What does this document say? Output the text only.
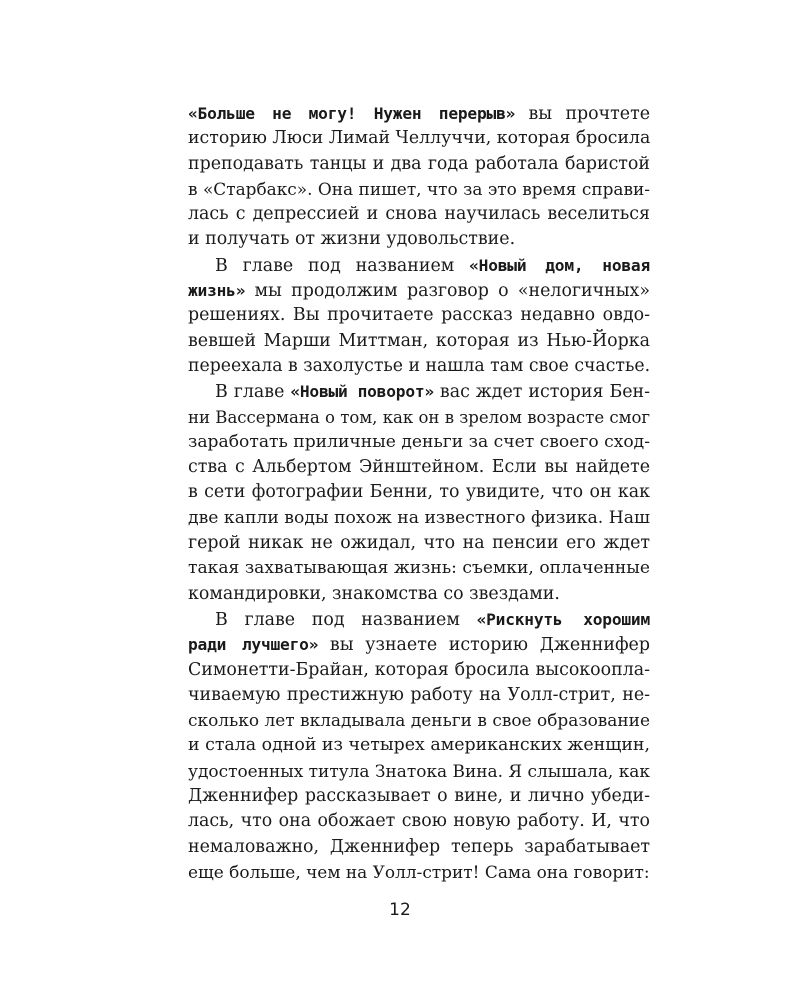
«Больше не могу! Нужен перерыв» вы прочтете
историю Люси Лимай Челлуччи, которая бросила
преподавать танцы и два года работала баристой
в «Старбакс». Она пишет, что за это время справи-
лась с депрессией и снова научилась веселиться
и получать от жизни удовольствие.
В главе под названием «Новый дом, новая
жизнь» мы продолжим разговор о «нелогичных»
решениях. Вы прочитаете рассказ недавно овдо-
вевшей Марши Миттман, которая из Нью-Йорка
переехала в захолустье и нашла там свое счастье.
В главе «Новый поворот» вас ждет история Бен-
ни Вассермана о том, как он в зрелом возрасте смог
заработать приличные деньги за счет своего сход-
ства с Альбертом Эйнштейном. Если вы найдете
в сети фотографии Бенни, то увидите, что он как
две капли воды похож на известного физика. Наш
герой никак не ожидал, что на пенсии его ждет
такая захватывающая жизнь: съемки, оплаченные
командировки, знакомства со звездами.
В главе под названием «Рискнуть хорошим
ради лучшего» вы узнаете историю Дженнифер
Симонетти-Брайан, которая бросила высокоопла-
чиваемую престижную работу на Уолл-стрит, не-
сколько лет вкладывала деньги в свое образование
и стала одной из четырех американских женщин,
удостоенных титула Знатока Вина. Я слышала, как
Дженнифер рассказывает о вине, и лично убеди-
лась, что она обожает свою новую работу. И, что
немаловажно, Дженнифер теперь зарабатывает
еще больше, чем на Уолл-стрит! Сама она говорит:
12
